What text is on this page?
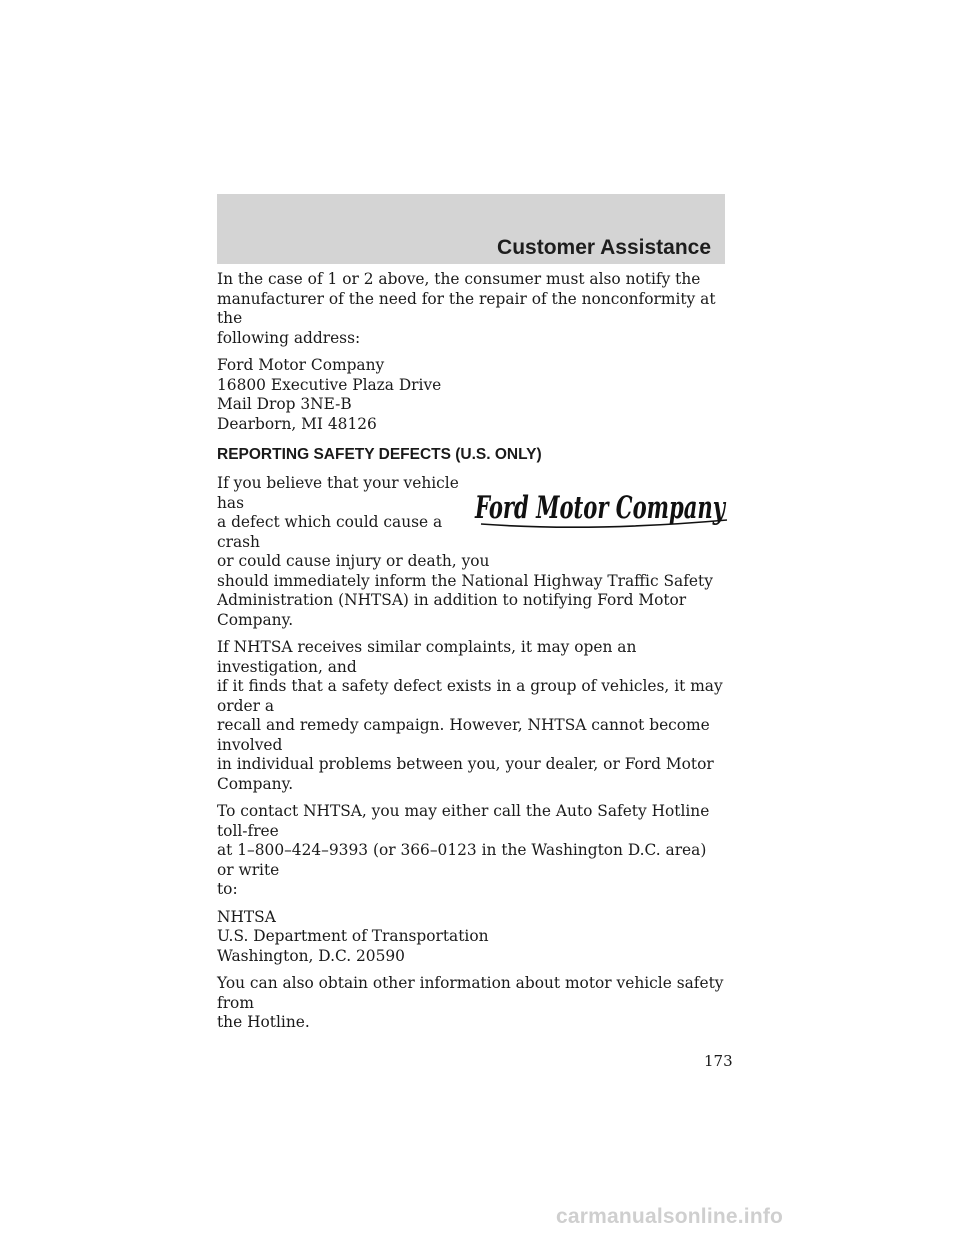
Customer Assistance

In the case of 1 or 2 above, the consumer must also notify the
manufacturer of the need for the repair of the nonconformity at the
following address:

Ford Motor Company
16800 Executive Plaza Drive
Mail Drop 3NE-B
Dearborn, MI 48126

REPORTING SAFETY DEFECTS (U.S. ONLY)
Ford Motor Company

If you believe that your vehicle has
a defect which could cause a crash
or could cause injury or death, you
should immediately inform the National Highway Traffic Safety
Administration (NHTSA) in addition to notifying Ford Motor Company.

If NHTSA receives similar complaints, it may open an investigation, and
if it finds that a safety defect exists in a group of vehicles, it may order a
recall and remedy campaign. However, NHTSA cannot become involved
in individual problems between you, your dealer, or Ford Motor
Company.

To contact NHTSA, you may either call the Auto Safety Hotline toll-free
at 1–800–424–9393 (or 366–0123 in the Washington D.C. area) or write
to:

NHTSA
U.S. Department of Transportation
Washington, D.C. 20590

You can also obtain other information about motor vehicle safety from
the Hotline.

173
carmanualsonline.info
